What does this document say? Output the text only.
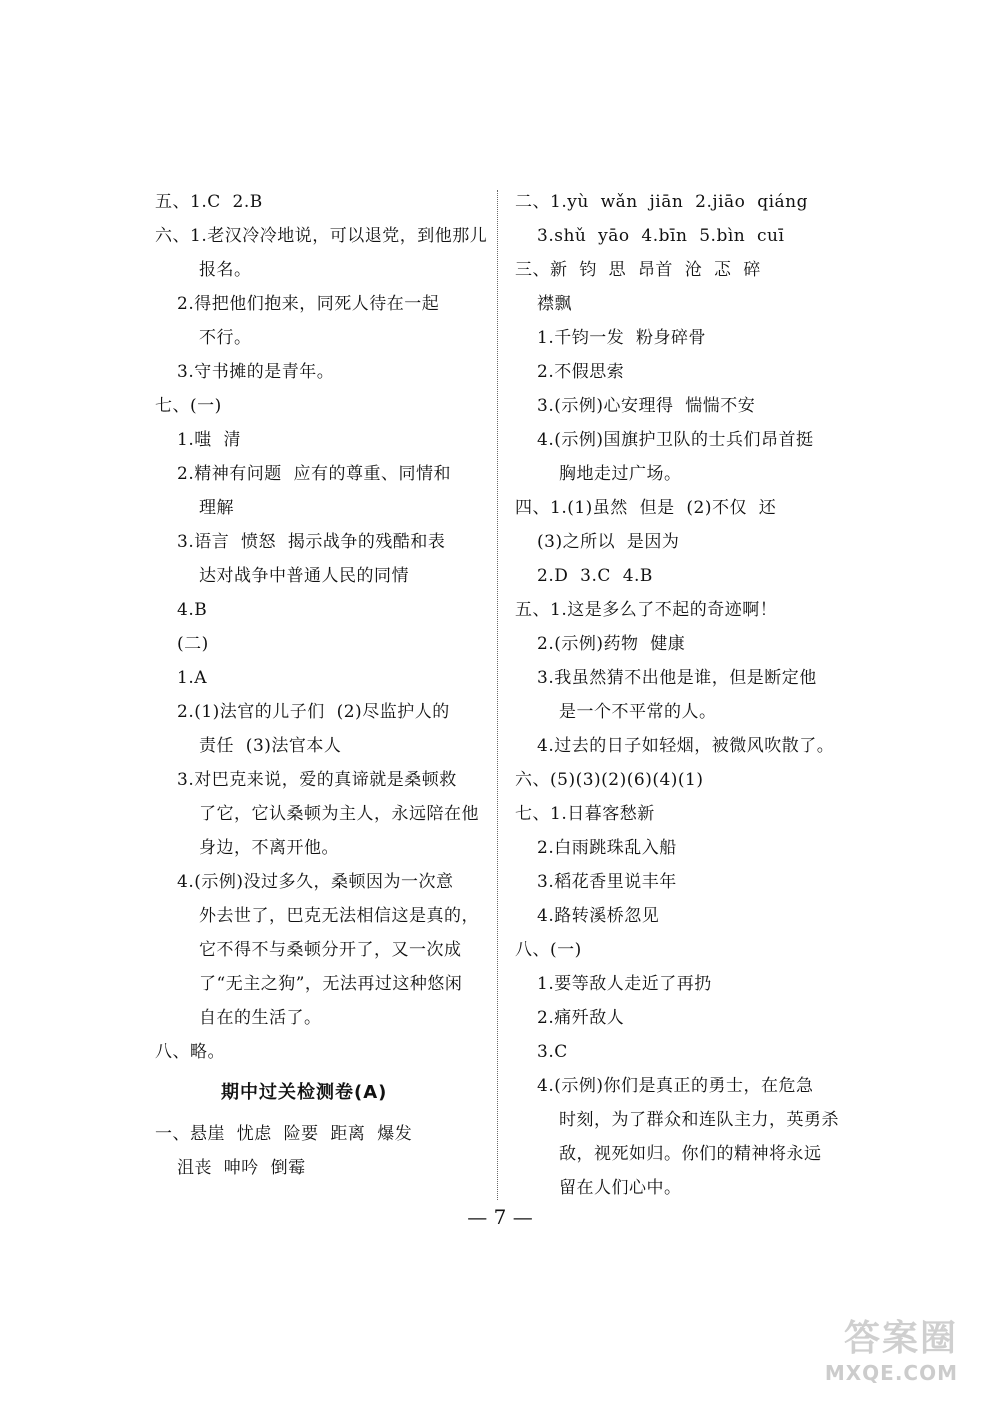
五、1.C  2.B
六、1.老汉冷冷地说，可以退党，到他那儿
报名。
2.得把他们抱来，同死人待在一起
不行。
3.守书摊的是青年。
七、(一)
1.嗤  清
2.精神有问题  应有的尊重、同情和
理解
3.语言  愤怒  揭示战争的残酷和表
达对战争中普通人民的同情
4.B
(二)
1.A
2.(1)法官的儿子们  (2)尽监护人的
责任  (3)法官本人
3.对巴克来说，爱的真谛就是桑顿救
了它，它认桑顿为主人，永远陪在他
身边，不离开他。
4.(示例)没过多久，桑顿因为一次意
外去世了，巴克无法相信这是真的，
它不得不与桑顿分开了，又一次成
了“无主之狗”，无法再过这种悠闲
自在的生活了。
八、略。
期中过关检测卷(A)
一、悬崖  忧虑  险要  距离  爆发
沮丧  呻吟  倒霉
二、1.yù  wǎn  jiān  2.jiāo  qiáng
3.shǔ  yāo  4.bīn  5.bìn  cuī
三、新  钧  思  昂首  沧  忑  碎
襟飘
1.千钧一发  粉身碎骨
2.不假思索
3.(示例)心安理得  惴惴不安
4.(示例)国旗护卫队的士兵们昂首挺
胸地走过广场。
四、1.(1)虽然  但是  (2)不仅  还
(3)之所以  是因为
2.D  3.C  4.B
五、1.这是多么了不起的奇迹啊！
2.(示例)药物  健康
3.我虽然猜不出他是谁，但是断定他
是一个不平常的人。
4.过去的日子如轻烟，被微风吹散了。
六、(5)(3)(2)(6)(4)(1)
七、1.日暮客愁新
2.白雨跳珠乱入船
3.稻花香里说丰年
4.路转溪桥忽见
八、(一)
1.要等敌人走近了再扔
2.痛歼敌人
3.C
4.(示例)你们是真正的勇士，在危急
时刻，为了群众和连队主力，英勇杀
敌，视死如归。你们的精神将永远
留在人们心中。
— 7 —
答案圈
MXQE.COM
